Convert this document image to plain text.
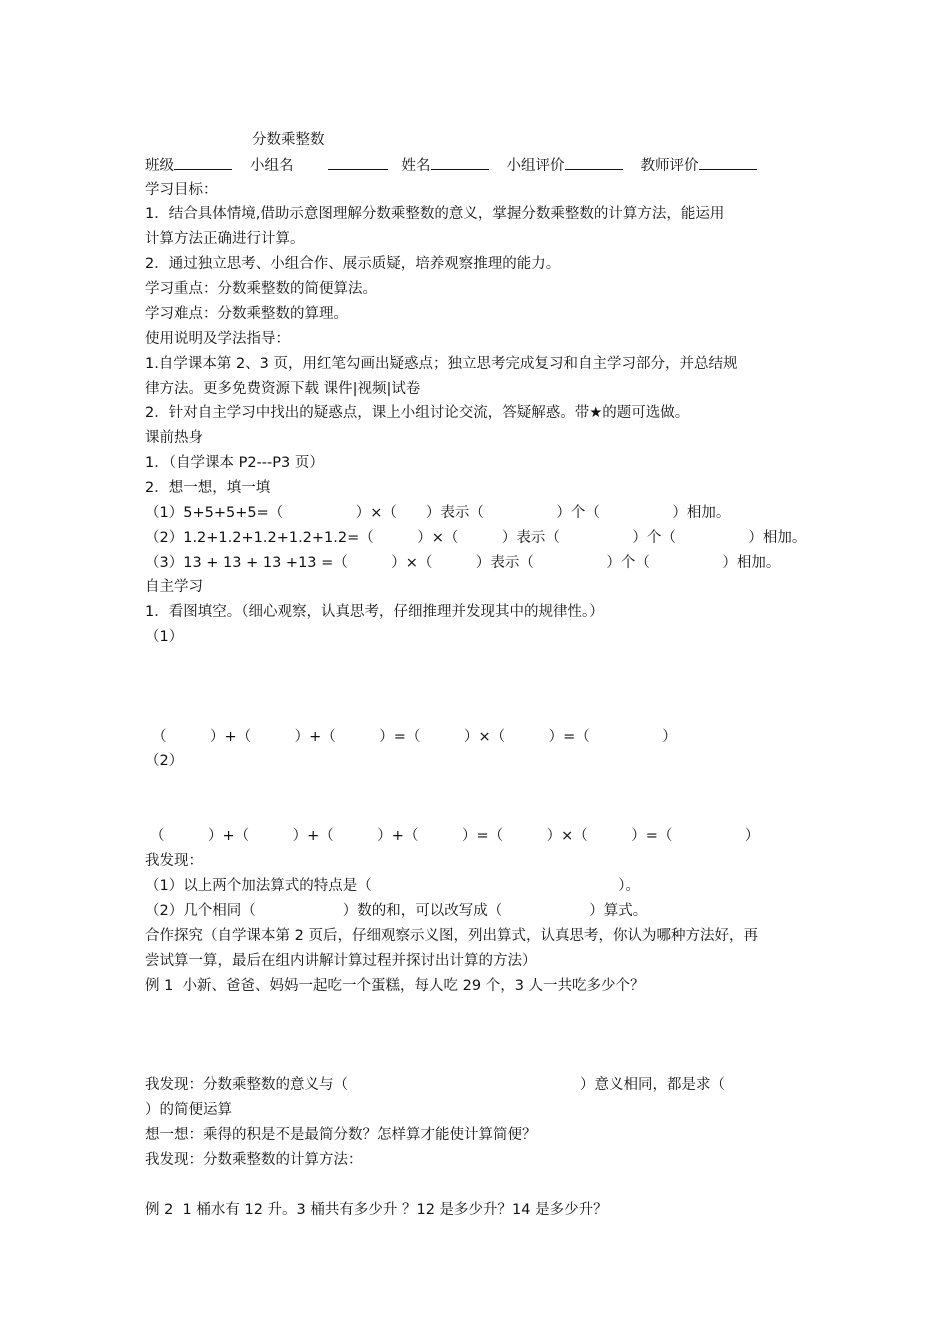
分数乘整数
班级	小组名	姓名	小组评价	教师评价
学习目标：
1．结合具体情境,借助示意图理解分数乘整数的意义，掌握分数乘整数的计算方法，能运用
计算方法正确进行计算。
2．通过独立思考、小组合作、展示质疑，培养观察推理的能力。
学习重点：分数乘整数的简便算法。
学习难点：分数乘整数的算理。
使用说明及学法指导：
1.自学课本第 2、3 页，用红笔勾画出疑惑点；独立思考完成复习和自主学习部分，并总结规
律方法。更多免费资源下载 课件|视频|试卷
2．针对自主学习中找出的疑惑点，课上小组讨论交流，答疑解惑。带★的题可选做。
课前热身
1．（自学课本 P2---P3 页）
2．想一想，填一填
（1）5+5+5+5=（　　　　　）×（　　）表示（　　　　　）个（　　　　　）相加。
（2）1.2+1.2+1.2+1.2+1.2=（　　　）×（　　　）表示（　　　　　）个（　　　　　）相加。
（3）13 + 13 + 13 +13 =（　　　）×（　　　）表示（　　　　　）个（　　　　　）相加。
自主学习
1．看图填空。（细心观察，认真思考，仔细推理并发现其中的规律性。）
（1）
（　　　）+（　　　）+（　　　）=（　　　）×（　　　）=（　　　　　）
（2）
（　　　）+（　　　）+（　　　）+（　　　）=（　　　）×（　　　）=（　　　　　）
我发现：
（1）以上两个加法算式的特点是（　　　　　　　　　　　　　　　　　）。
（2）几个相同（　　　　　　）数的和，可以改写成（　　　　　　）算式。
合作探究（自学课本第 2 页后，仔细观察示义图，列出算式，认真思考，你认为哪种方法好，再
尝试算一算，最后在组内讲解计算过程并探讨出计算的方法）
例 1  小新、爸爸、妈妈一起吃一个蛋糕，每人吃 29 个，3 人一共吃多少个？
我发现：分数乘整数的意义与（　　　　　　　　　　　　　　　　）意义相同，都是求（
）的简便运算
想一想：乘得的积是不是最简分数？怎样算才能使计算简便？
我发现：分数乘整数的计算方法：
例 2  1 桶水有 12 升。3 桶共有多少升 ？12 是多少升？14 是多少升？
